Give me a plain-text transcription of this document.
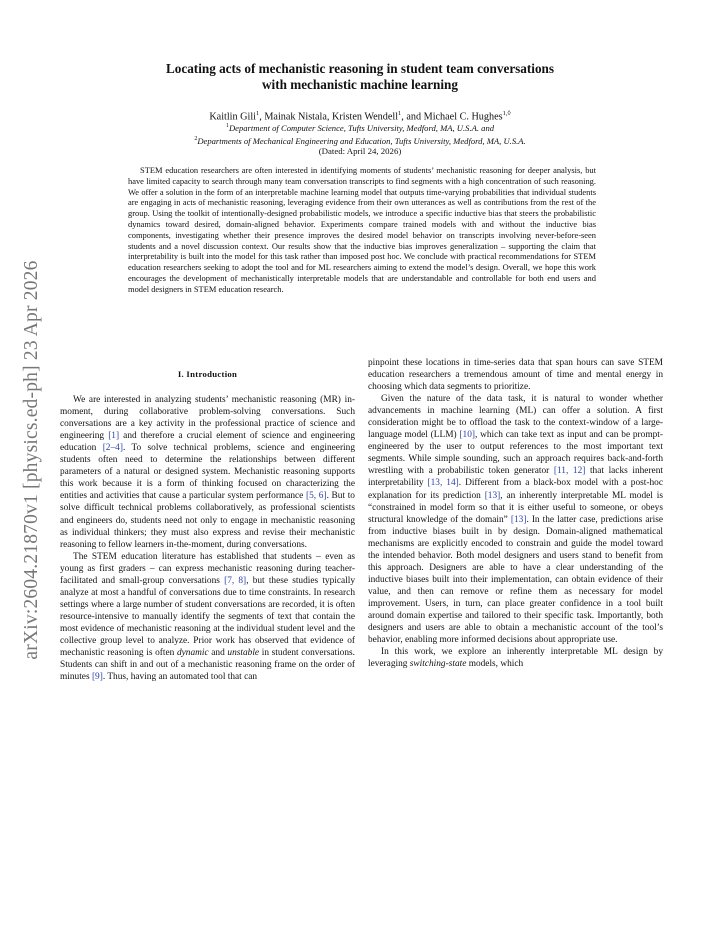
arXiv:2604.21870v1 [physics.ed-ph] 23 Apr 2026
Locating acts of mechanistic reasoning in student team conversations
with mechanistic machine learning
Kaitlin Gili$^1$, Mainak Nistala, Kristen Wendell$^1$, and Michael C. Hughes$^{1,◊}$
$^1$Department of Computer Science, Tufts University, Medford, MA, U.S.A. and
$^2$Departments of Mechanical Engineering and Education, Tufts University, Medford, MA, U.S.A.
(Dated: April 24, 2026)

STEM education researchers are often interested in identifying moments of students’ mechanistic reasoning for deeper analysis, but have limited capacity to search through many team conversation transcripts to find segments with a high concentration of such reasoning. We offer a solution in the form of an interpretable machine learning model that outputs time-varying probabilities that individual students are engaging in acts of mechanistic reasoning, leveraging evidence from their own utterances as well as contributions from the rest of the group. Using the toolkit of intentionally-designed probabilistic models, we introduce a specific inductive bias that steers the probabilistic dynamics toward desired, domain-aligned behavior. Experiments compare trained models with and without the inductive bias components, investigating whether their presence improves the desired model behavior on transcripts involving never-before-seen students and a novel discussion context. Our results show that the inductive bias improves generalization – supporting the claim that interpretability is built into the model for this task rather than imposed post hoc. We conclude with practical recommendations for STEM education researchers seeking to adopt the tool and for ML researchers aiming to extend the model’s design. Overall, we hope this work encourages the development of mechanistically interpretable models that are understandable and controllable for both end users and model designers in STEM education research.

I. Introduction

We are interested in analyzing students’ mechanistic reasoning (MR) in-moment, during collaborative problem-solving conversations. Such conversations are a key activity in the professional practice of science and engineering [1] and therefore a crucial element of science and engineering education [2–4]. To solve technical problems, science and engineering students often need to determine the relationships between different parameters of a natural or designed system. Mechanistic reasoning supports this work because it is a form of thinking focused on characterizing the entities and activities that cause a particular system performance [5, 6]. But to solve difficult technical problems collaboratively, as professional scientists and engineers do, students need not only to engage in mechanistic reasoning as individual thinkers; they must also express and revise their mechanistic reasoning to fellow learners in-the-moment, during conversations.

The STEM education literature has established that students – even as young as first graders – can express mechanistic reasoning during teacher-facilitated and small-group conversations [7, 8], but these studies typically analyze at most a handful of conversations due to time constraints. In research settings where a large number of student conversations are recorded, it is often resource-intensive to manually identify the segments of text that contain the most evidence of mechanistic reasoning at the individual student level and the collective group level to analyze. Prior work has observed that evidence of mechanistic reasoning is often dynamic and unstable in student conversations. Students can shift in and out of a mechanistic reasoning frame on the order of minutes [9]. Thus, having an automated tool that can

pinpoint these locations in time-series data that span hours can save STEM education researchers a tremendous amount of time and mental energy in choosing which data segments to prioritize.

Given the nature of the data task, it is natural to wonder whether advancements in machine learning (ML) can offer a solution. A first consideration might be to offload the task to the context-window of a large-language model (LLM) [10], which can take text as input and can be prompt-engineered by the user to output references to the most important text segments. While simple sounding, such an approach requires back-and-forth wrestling with a probabilistic token generator [11, 12] that lacks inherent interpretability [13, 14]. Different from a black-box model with a post-hoc explanation for its prediction [13], an inherently interpretable ML model is “constrained in model form so that it is either useful to someone, or obeys structural knowledge of the domain” [13]. In the latter case, predictions arise from inductive biases built in by design. Domain-aligned mathematical mechanisms are explicitly encoded to constrain and guide the model toward the intended behavior. Both model designers and users stand to benefit from this approach. Designers are able to have a clear understanding of the inductive biases built into their implementation, can obtain evidence of their value, and then can remove or refine them as necessary for model improvement. Users, in turn, can place greater confidence in a tool built around domain expertise and tailored to their specific task. Importantly, both designers and users are able to obtain a mechanistic account of the tool’s behavior, enabling more informed decisions about appropriate use.

In this work, we explore an inherently interpretable ML design by leveraging switching-state models, which
